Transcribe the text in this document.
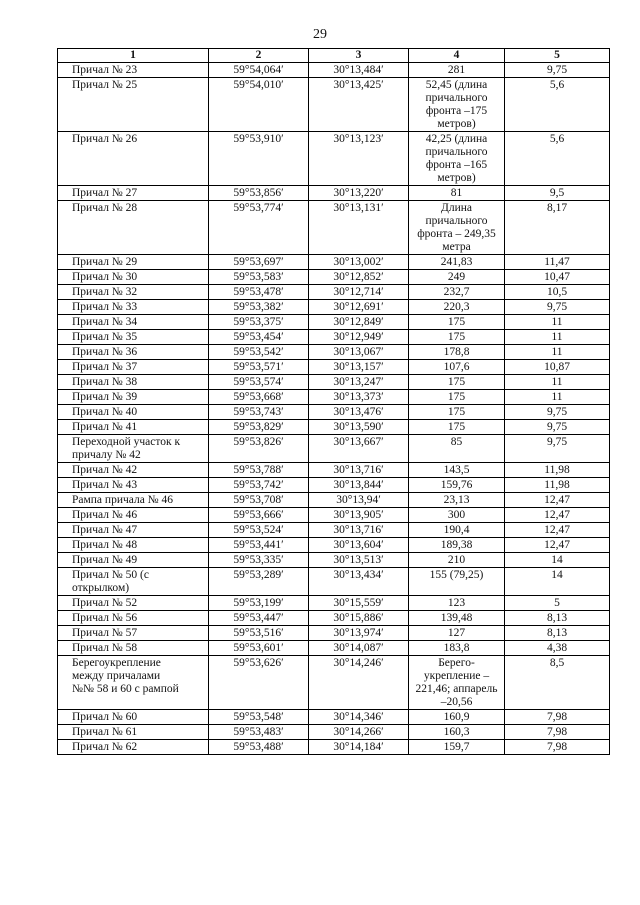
29
1	2	3	4	5
Причал № 23	59°54,064′	30°13,484′	281	9,75
Причал № 25	59°54,010′	30°13,425′	52,45 (длина
причального
фронта –175
метров)	5,6
Причал № 26	59°53,910′	30°13,123′	42,25 (длина
причального
фронта –165
метров)	5,6
Причал № 27	59°53,856′	30°13,220′	81	9,5
Причал № 28	59°53,774′	30°13,131′	Длина
причального
фронта – 249,35
метра	8,17
Причал № 29	59°53,697′	30°13,002′	241,83	11,47
Причал № 30	59°53,583′	30°12,852′	249	10,47
Причал № 32	59°53,478′	30°12,714′	232,7	10,5
Причал № 33	59°53,382′	30°12,691′	220,3	9,75
Причал № 34	59°53,375′	30°12,849′	175	11
Причал № 35	59°53,454′	30°12,949′	175	11
Причал № 36	59°53,542′	30°13,067′	178,8	11
Причал № 37	59°53,571′	30°13,157′	107,6	10,87
Причал № 38	59°53,574′	30°13,247′	175	11
Причал № 39	59°53,668′	30°13,373′	175	11
Причал № 40	59°53,743′	30°13,476′	175	9,75
Причал № 41	59°53,829′	30°13,590′	175	9,75
Переходной участок к
причалу № 42	59°53,826′	30°13,667′	85	9,75
Причал № 42	59°53,788′	30°13,716′	143,5	11,98
Причал № 43	59°53,742′	30°13,844′	159,76	11,98
Рампа причала № 46	59°53,708′	30°13,94′	23,13	12,47
Причал № 46	59°53,666′	30°13,905′	300	12,47
Причал № 47	59°53,524′	30°13,716′	190,4	12,47
Причал № 48	59°53,441′	30°13,604′	189,38	12,47
Причал № 49	59°53,335′	30°13,513′	210	14
Причал № 50 (с
открылком)	59°53,289′	30°13,434′	155 (79,25)	14
Причал № 52	59°53,199′	30°15,559′	123	5
Причал № 56	59°53,447′	30°15,886′	139,48	8,13
Причал № 57	59°53,516′	30°13,974′	127	8,13
Причал № 58	59°53,601′	30°14,087′	183,8	4,38
Берегоукрепление
между причалами
№№ 58 и 60 с рампой	59°53,626′	30°14,246′	Берего-
укрепление –
221,46; аппарель
–20,56	8,5
Причал № 60	59°53,548′	30°14,346′	160,9	7,98
Причал № 61	59°53,483′	30°14,266′	160,3	7,98
Причал № 62	59°53,488′	30°14,184′	159,7	7,98
